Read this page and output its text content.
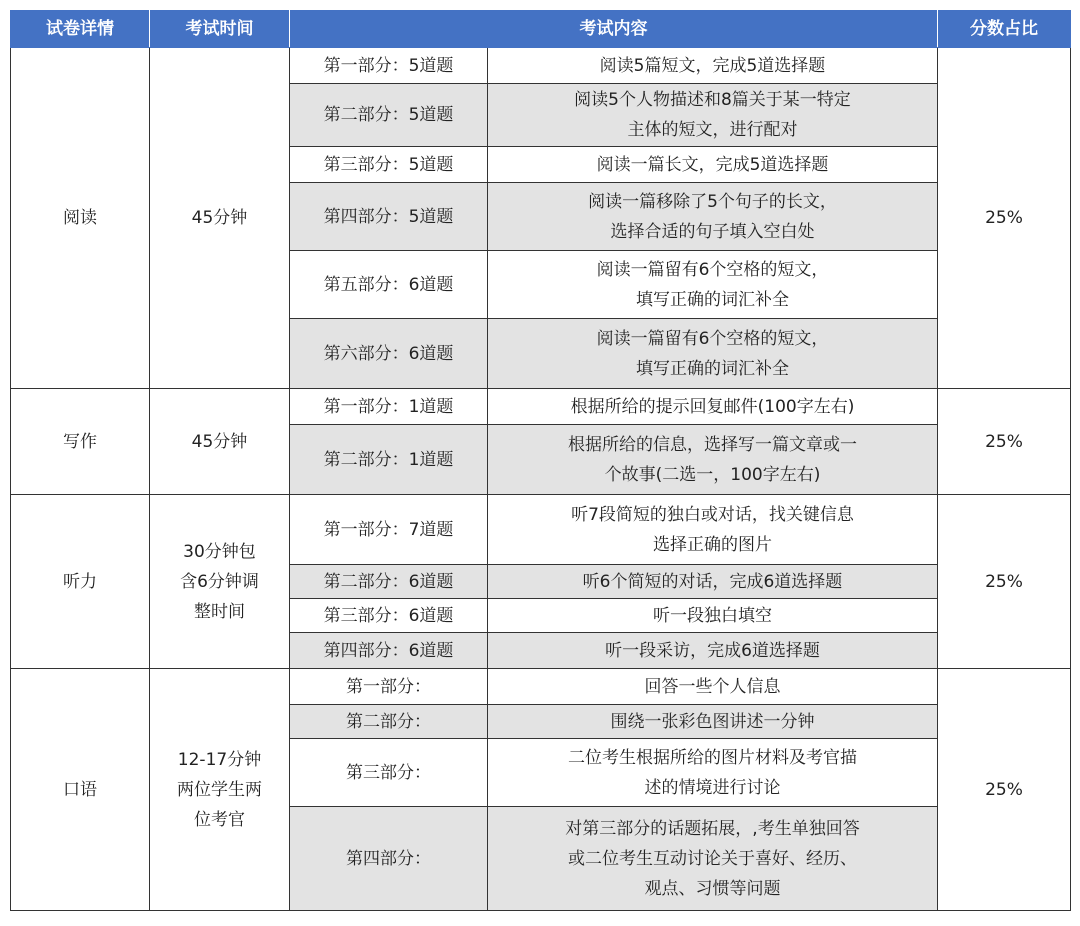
试卷详情	考试时间	考试内容		分数占比
阅读	45分钟	第一部分：5道题	阅读5篇短文，完成5道选择题	25%
		第二部分：5道题	阅读5个人物描述和8篇关于某一特定
主体的短文，进行配对	
		第三部分：5道题	阅读一篇长文，完成5道选择题	
		第四部分：5道题	阅读一篇移除了5个句子的长文，
选择合适的句子填入空白处	
		第五部分：6道题	阅读一篇留有6个空格的短文，
填写正确的词汇补全	
		第六部分：6道题	阅读一篇留有6个空格的短文，
填写正确的词汇补全	
写作	45分钟	第一部分：1道题	根据所给的提示回复邮件(100字左右)	25%
		第二部分：1道题	根据所给的信息，选择写一篇文章或一
个故事(二选一，100字左右)	
听力	30分钟包
含6分钟调
整时间	第一部分：7道题	听7段简短的独白或对话，找关键信息
选择正确的图片	25%
		第二部分：6道题	听6个简短的对话，完成6道选择题	
		第三部分：6道题	听一段独白填空	
		第四部分：6道题	听一段采访，完成6道选择题	
口语	12-17分钟
两位学生两
位考官	第一部分：	回答一些个人信息	25%
		第二部分：	围绕一张彩色图讲述一分钟	
		第三部分：	二位考生根据所给的图片材料及考官描
述的情境进行讨论	
		第四部分：	对第三部分的话题拓展，,考生单独回答
或二位考生互动讨论关于喜好、经历、
观点、习惯等问题	
